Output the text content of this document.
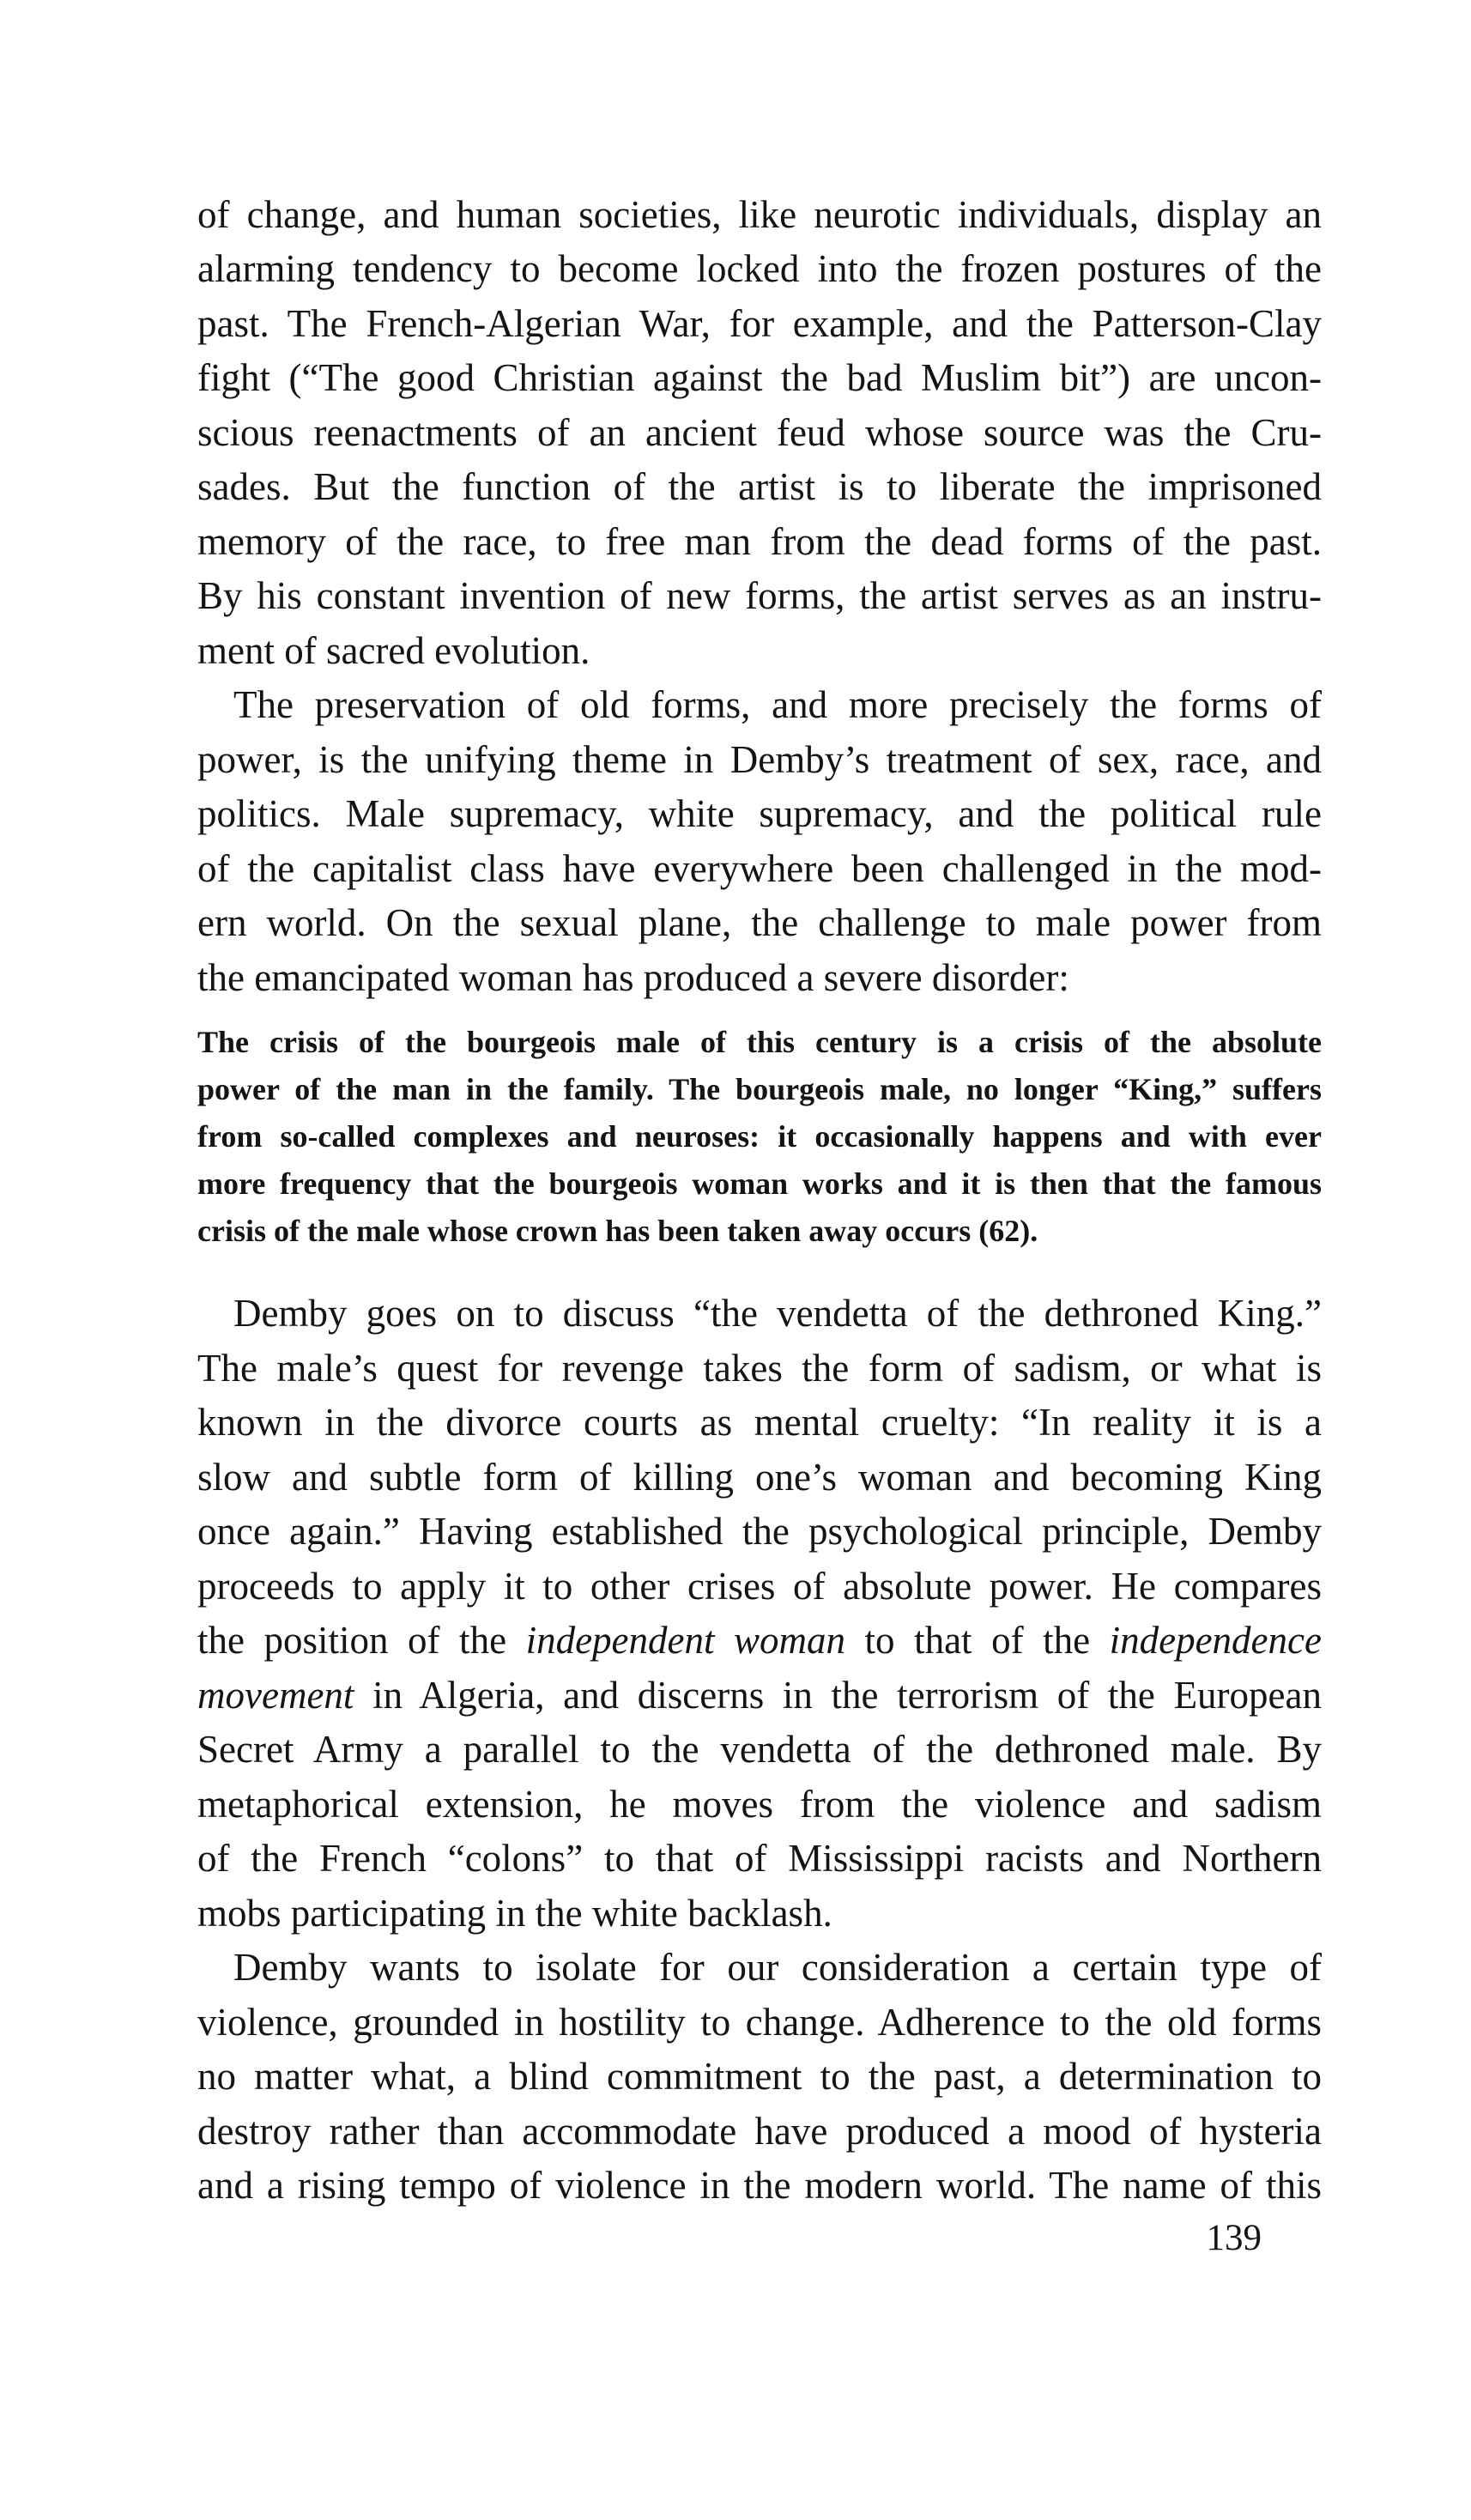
of change, and human societies, like neurotic individuals, display an
alarming tendency to become locked into the frozen postures of the
past. The French-Algerian War, for example, and the Patterson-Clay
fight (“The good Christian against the bad Muslim bit”) are uncon-
scious reenactments of an ancient feud whose source was the Cru-
sades. But the function of the artist is to liberate the imprisoned
memory of the race, to free man from the dead forms of the past.
By his constant invention of new forms, the artist serves as an instru-
ment of sacred evolution.
The preservation of old forms, and more precisely the forms of
power, is the unifying theme in Demby’s treatment of sex, race, and
politics. Male supremacy, white supremacy, and the political rule
of the capitalist class have everywhere been challenged in the mod-
ern world. On the sexual plane, the challenge to male power from
the emancipated woman has produced a severe disorder:
The crisis of the bourgeois male of this century is a crisis of the absolute
power of the man in the family. The bourgeois male, no longer “King,” suffers
from so-called complexes and neuroses: it occasionally happens and with ever
more frequency that the bourgeois woman works and it is then that the famous
crisis of the male whose crown has been taken away occurs (62).
Demby goes on to discuss “the vendetta of the dethroned King.”
The male’s quest for revenge takes the form of sadism, or what is
known in the divorce courts as mental cruelty: “In reality it is a
slow and subtle form of killing one’s woman and becoming King
once again.” Having established the psychological principle, Demby
proceeds to apply it to other crises of absolute power. He compares
the position of the independent woman to that of the independence
movement in Algeria, and discerns in the terrorism of the European
Secret Army a parallel to the vendetta of the dethroned male. By
metaphorical extension, he moves from the violence and sadism
of the French “colons” to that of Mississippi racists and Northern
mobs participating in the white backlash.
Demby wants to isolate for our consideration a certain type of
violence, grounded in hostility to change. Adherence to the old forms
no matter what, a blind commitment to the past, a determination to
destroy rather than accommodate have produced a mood of hysteria
and a rising tempo of violence in the modern world. The name of this
139
